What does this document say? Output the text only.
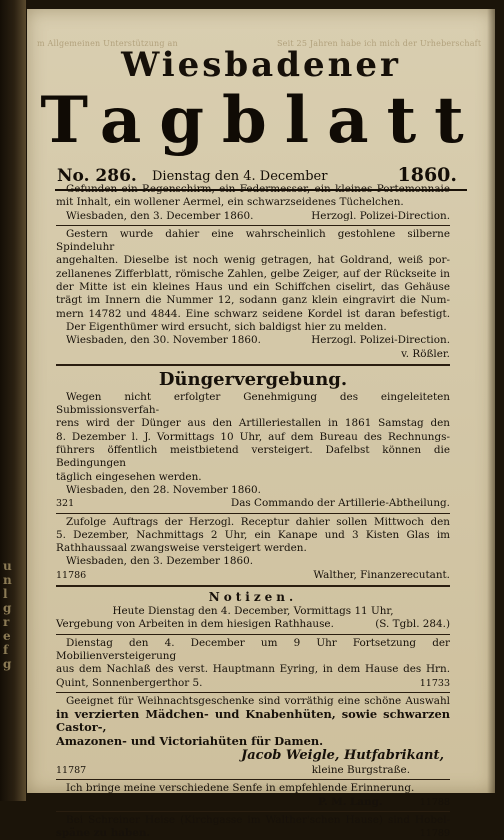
u
n
l
g
r
e
f
g
m Allgemeinen Unterstützung an	Seit 25 Jahren habe ich mich der Urheberschaft
Wiesbadener
Tagblatt
No. 286. Dienstag den 4. December	1860.

Gefunden ein Regenschirm, ein Federmesser, ein kleines Portemonnaie

mit Inhalt, ein wollener Aermel, ein schwarzseidenes Tüchelchen.

Wiesbaden, den 3. December 1860.	Herzogl. Polizei-Direction.

Gestern wurde dahier eine wahrscheinlich gestohlene silberne Spindeluhr

angehalten. Dieselbe ist noch wenig getragen, hat Goldrand, weiß por-

zellanenes Zifferblatt, römische Zahlen, gelbe Zeiger, auf der Rückseite in

der Mitte ist ein kleines Haus und ein Schiffchen ciselirt, das Gehäuse

trägt im Innern die Nummer 12, sodann ganz klein eingravirt die Num-

mern 14782 und 4844. Eine schwarz seidene Kordel ist daran befestigt.

Der Eigenthümer wird ersucht, sich baldigst hier zu melden.

Wiesbaden, den 30. November 1860.	Herzogl. Polizei-Direction.

v. Rößler.

Düngervergebung.

Wegen nicht erfolgter Genehmigung des eingeleiteten Submissionsverfah-

rens wird der Dünger aus den Artilleriestallen in 1861 Samstag den

8. Dezember l. J. Vormittags 10 Uhr, auf dem Bureau des Rechnungs-

führers öffentlich meistbietend versteigert. Dafelbst können die Bedingungen

täglich eingesehen werden.

Wiesbaden, den 28. November 1860.

321	Das Commando der Artillerie-Abtheilung.

Zufolge Auftrags der Herzogl. Receptur dahier sollen Mittwoch den

5. Dezember, Nachmittags 2 Uhr, ein Kanape und 3 Kisten Glas im

Rathhaussaal zwangsweise versteigert werden.

Wiesbaden, den 3. Dezember 1860.

11786	Walther, Finanzerecutant.

Notizen.

Heute Dienstag den 4. December, Vormittags 11 Uhr,

Vergebung von Arbeiten in dem hiesigen Rathhause.	(S. Tgbl. 284.)

Dienstag den 4. December um 9 Uhr Fortsetzung der Mobilienversteigerung

aus dem Nachlaß des verst. Hauptmann Eyring, in dem Hause des Hrn.

Quint, Sonnenbergerthor 5.	11733

Geeignet für Weihnachtsgeschenke sind vorräthig eine schöne Auswahl

in verzierten Mädchen- und Knabenhüten, sowie schwarzen Castor-,

Amazonen- und Victoriahüten für Damen.

Jacob Weigle, Hutfabrikant,

11787	kleine Burgstraße.

Ich bringe meine verschiedene Senfe in empfehlende Erinnerung.

P. M. Lang.	11788

Bei Schreiner Heise (Kirchgasse im Walther'schen Hause) sind Hobel-

späne zu haben.	11789
